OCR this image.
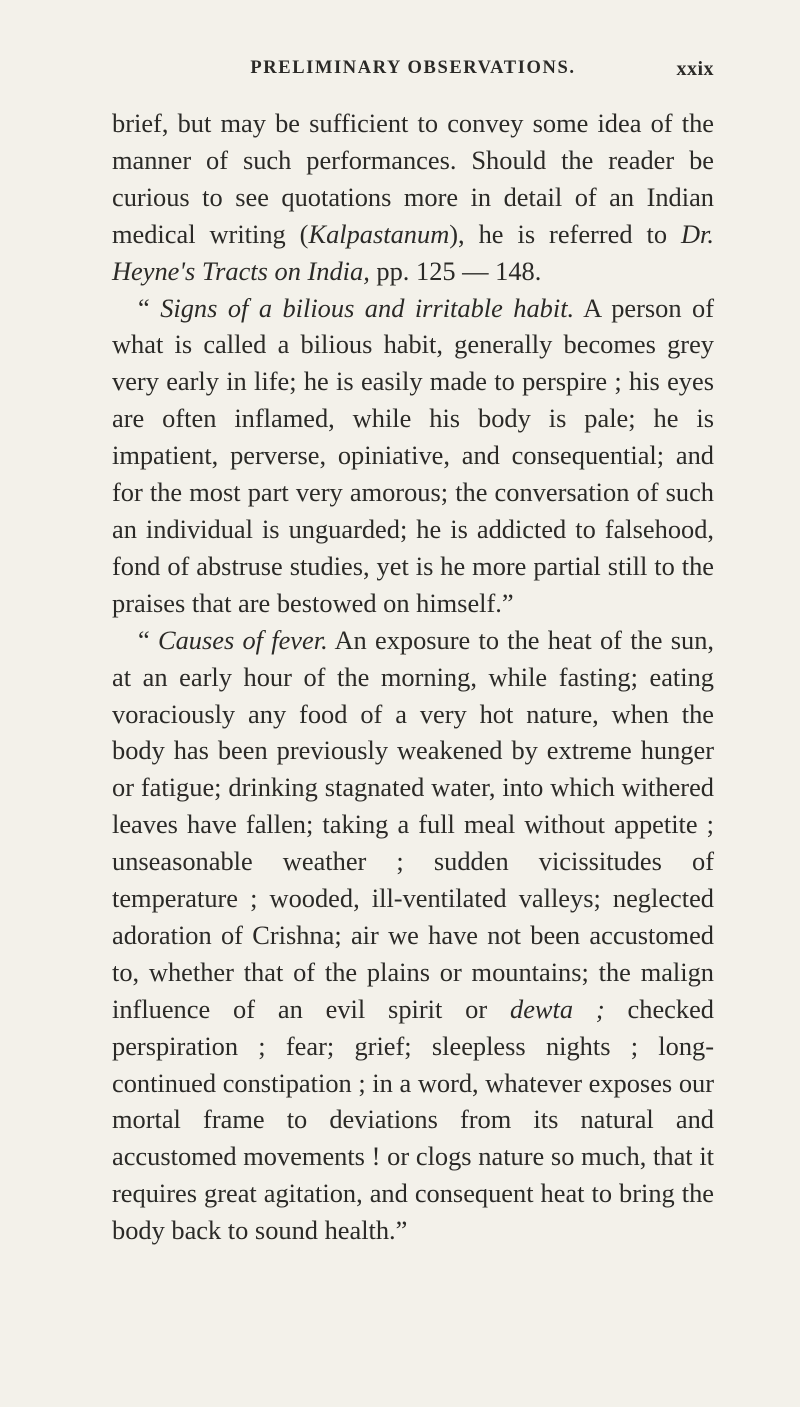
PRELIMINARY OBSERVATIONS.	xxix

brief, but may be sufficient to convey some idea of the manner of such performances. Should the reader be curious to see quotations more in detail of an Indian medical writing (Kalpastanum), he is referred to Dr. Heyne's Tracts on India, pp. 125 — 148.

“ Signs of a bilious and irritable habit. A person of what is called a bilious habit, generally becomes grey very early in life; he is easily made to perspire ; his eyes are often inflamed, while his body is pale; he is impatient, perverse, opiniative, and consequential; and for the most part very amorous; the conversation of such an individual is unguarded; he is addicted to falsehood, fond of abstruse studies, yet is he more partial still to the praises that are bestowed on himself.”

“ Causes of fever. An exposure to the heat of the sun, at an early hour of the morning, while fasting; eating voraciously any food of a very hot nature, when the body has been previously weakened by extreme hunger or fatigue; drinking stagnated water, into which withered leaves have fallen; taking a full meal without appetite ; unseasonable weather ; sudden vicissitudes of temperature ; wooded, ill-ventilated valleys; neglected adoration of Crishna; air we have not been accustomed to, whether that of the plains or mountains; the malign influence of an evil spirit or dewta ; checked perspiration ; fear; grief; sleepless nights ; long-continued constipation ; in a word, whatever exposes our mortal frame to deviations from its natural and accustomed movements ! or clogs nature so much, that it requires great agitation, and consequent heat to bring the body back to sound health.”
